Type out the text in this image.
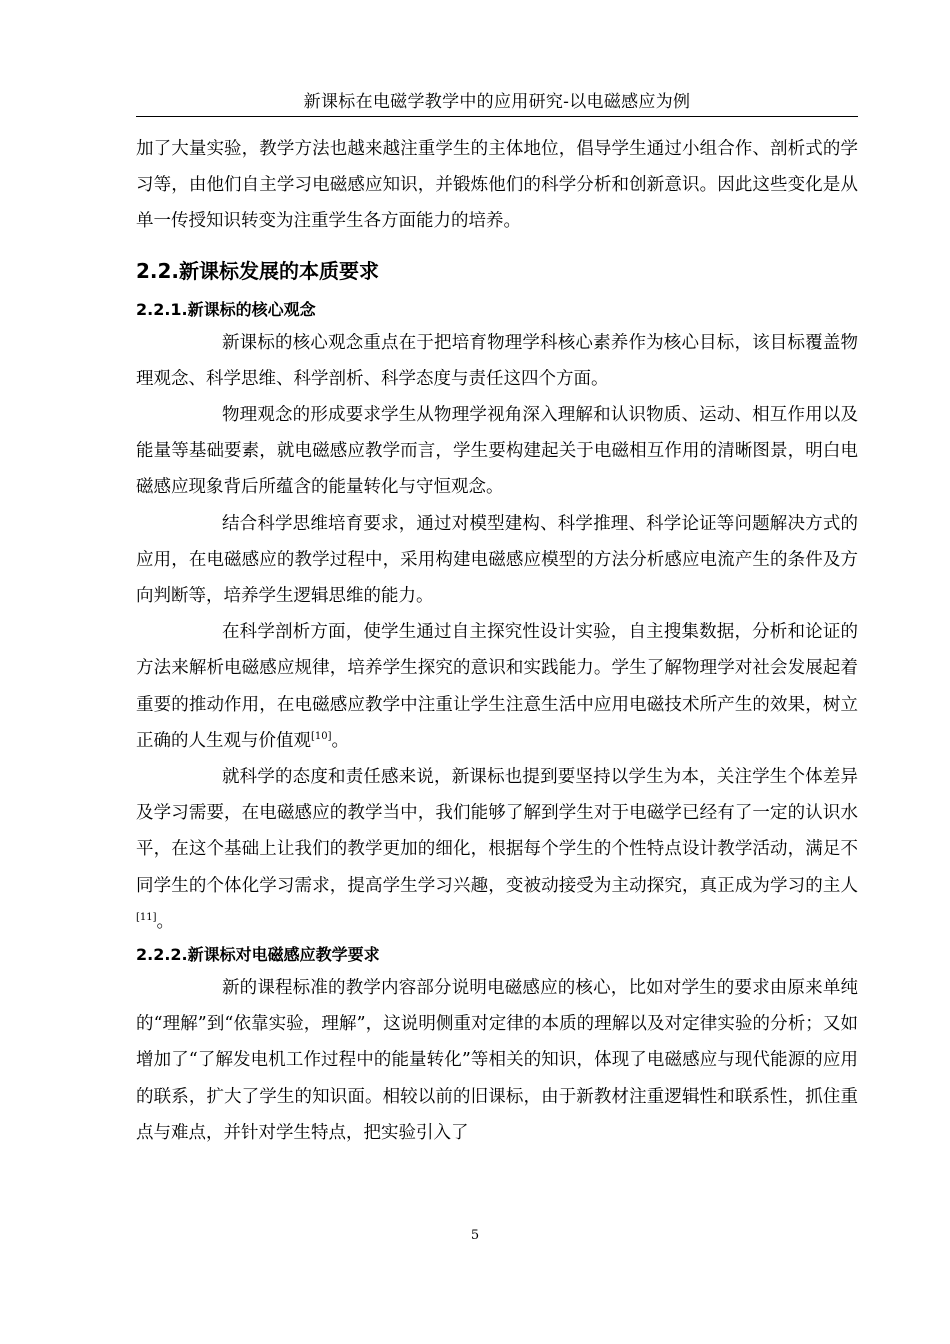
新课标在电磁学教学中的应用研究-以电磁感应为例

加了大量实验，教学方法也越来越注重学生的主体地位，倡导学生通过小组合作、剖析式的学习等，由他们自主学习电磁感应知识，并锻炼他们的科学分析和创新意识。因此这些变化是从单一传授知识转变为注重学生各方面能力的培养。

2.2.新课标发展的本质要求
2.2.1.新课标的核心观念

新课标的核心观念重点在于把培育物理学科核心素养作为核心目标，该目标覆盖物理观念、科学思维、科学剖析、科学态度与责任这四个方面。

物理观念的形成要求学生从物理学视角深入理解和认识物质、运动、相互作用以及能量等基础要素，就电磁感应教学而言，学生要构建起关于电磁相互作用的清晰图景，明白电磁感应现象背后所蕴含的能量转化与守恒观念。

结合科学思维培育要求，通过对模型建构、科学推理、科学论证等问题解决方式的应用，在电磁感应的教学过程中，采用构建电磁感应模型的方法分析感应电流产生的条件及方向判断等，培养学生逻辑思维的能力。

在科学剖析方面，使学生通过自主探究性设计实验，自主搜集数据，分析和论证的方法来解析电磁感应规律，培养学生探究的意识和实践能力。学生了解物理学对社会发展起着重要的推动作用，在电磁感应教学中注重让学生注意生活中应用电磁技术所产生的效果，树立正确的人生观与价值观[10]。

就科学的态度和责任感来说，新课标也提到要坚持以学生为本，关注学生个体差异及学习需要，在电磁感应的教学当中，我们能够了解到学生对于电磁学已经有了一定的认识水平，在这个基础上让我们的教学更加的细化，根据每个学生的个性特点设计教学活动，满足不同学生的个体化学习需求，提高学生学习兴趣，变被动接受为主动探究，真正成为学习的主人[11]。

2.2.2.新课标对电磁感应教学要求

新的课程标准的教学内容部分说明电磁感应的核心，比如对学生的要求由原来单纯的“理解”到“依靠实验，理解”，这说明侧重对定律的本质的理解以及对定律实验的分析；又如增加了“了解发电机工作过程中的能量转化”等相关的知识，体现了电磁感应与现代能源的应用的联系，扩大了学生的知识面。相较以前的旧课标，由于新教材注重逻辑性和联系性，抓住重点与难点，并针对学生特点，把实验引入了

5
